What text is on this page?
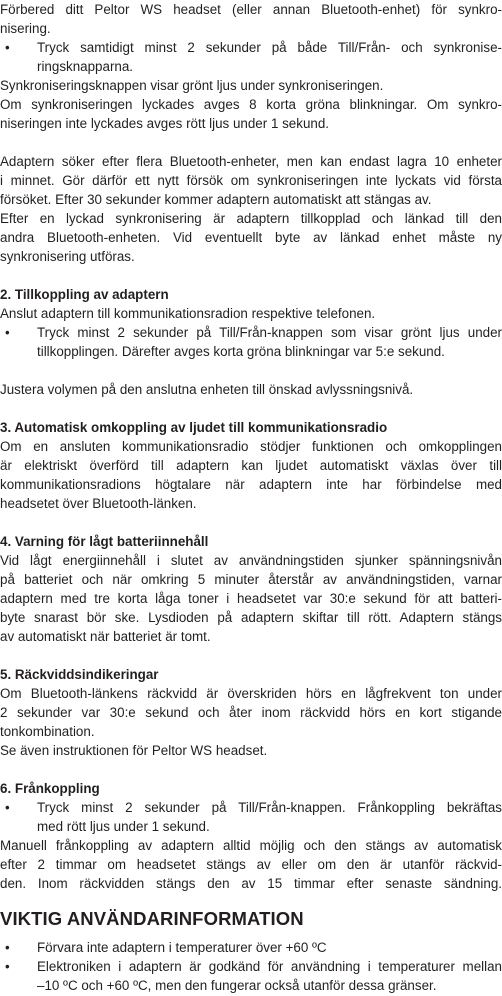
Förbered ditt Peltor WS headset (eller annan Bluetooth-enhet) för synkro-
nisering.
Tryck samtidigt minst 2 sekunder på både Till/Från- och synkronise-
•
ringsknapparna.
Synkroniseringsknappen visar grönt ljus under synkroniseringen.
Om synkroniseringen lyckades avges 8 korta gröna blinkningar. Om synkro-
niseringen inte lyckades avges rött ljus under 1 sekund.
Adaptern söker efter flera Bluetooth-enheter, men kan endast lagra 10 enheter
i minnet. Gör därför ett nytt försök om synkroniseringen inte lyckats vid första
försöket. Efter 30 sekunder kommer adaptern automatiskt att stängas av.
Efter en lyckad synkronisering är adaptern tillkopplad och länkad till den
andra Bluetooth-enheten. Vid eventuellt byte av länkad enhet måste ny
synkronisering utföras.
2. Tillkoppling av adaptern
Anslut adaptern till kommunikationsradion respektive telefonen.
Tryck minst 2 sekunder på Till/Från-knappen som visar grönt ljus under
•
tillkopplingen. Därefter avges korta gröna blinkningar var 5:e sekund.
Justera volymen på den anslutna enheten till önskad avlyssningsnivå.
3. Automatisk omkoppling av ljudet till kommunikationsradio
Om en ansluten kommunikationsradio stödjer funktionen och omkopplingen
är elektriskt överförd till adaptern kan ljudet automatiskt växlas över till
kommunikationsradions högtalare när adaptern inte har förbindelse med
headsetet över Bluetooth-länken.
4. Varning för lågt batteriinnehåll
Vid lågt energiinnehåll i slutet av användningstiden sjunker spänningsnivån
på batteriet och när omkring 5 minuter återstår av användningstiden, varnar
adaptern med tre korta låga toner i headsetet var 30:e sekund för att batteri-
byte snarast bör ske. Lysdioden på adaptern skiftar till rött. Adaptern stängs
av automatiskt när batteriet är tomt.
5. Räckviddsindikeringar
Om Bluetooth-länkens räckvidd är överskriden hörs en lågfrekvent ton under
2 sekunder var 30:e sekund och åter inom räckvidd hörs en kort stigande
tonkombination.
Se även instruktionen för Peltor WS headset.
6. Frånkoppling
Tryck minst 2 sekunder på Till/Från-knappen. Frånkoppling bekräftas
•
med rött ljus under 1 sekund.
Manuell frånkoppling av adaptern alltid möjlig och den stängs av automatisk
efter 2 timmar om headsetet stängs av eller om den är utanför räckvid-
den. Inom räckvidden stängs den av 15 timmar efter senaste sändning.
VIKTIG ANVÄNDARINFORMATION
Förvara inte adaptern i temperaturer över +60 ºC
•
Elektroniken i adaptern är godkänd för användning i temperaturer mellan
•
–10 ºC och +60 ºC, men den fungerar också utanför dessa gränser.
